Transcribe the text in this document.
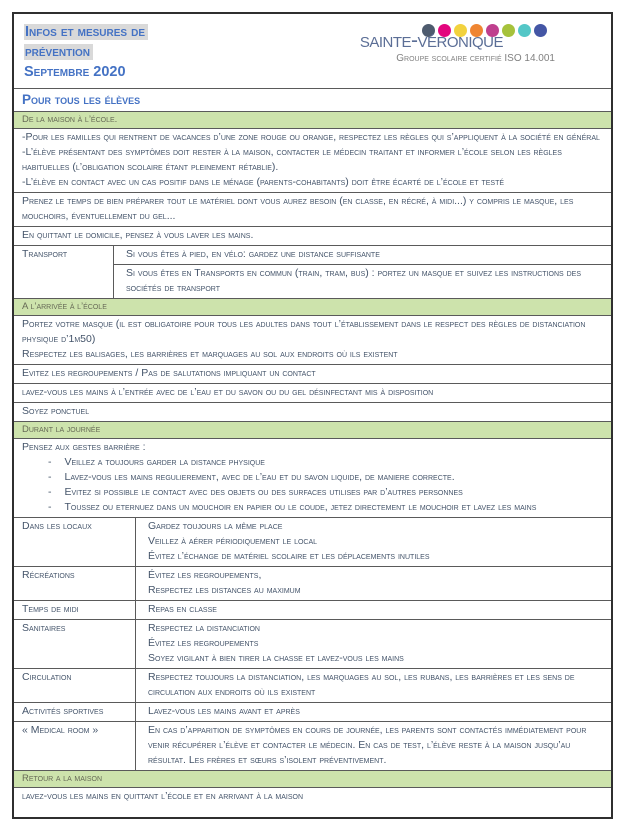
Infos et mesures de
prévention
Septembre 2020
sainte-véronique
Groupe scolaire certifié ISO 14.001
Pour tous les élèves
De la maison à l’école.

-Pour les familles qui rentrent de vacances d’une zone rouge ou orange, respectez les règles qui s’appliquent à la société en général

-L’élève présentant des symptômes doit rester à la maison, contacter le médecin traitant et informer l’école selon les règles habituelles (l’obligation scolaire étant pleinement rétablie).

-L’élève en contact avec un cas positif dans le ménage (parents-cohabitants) doit être écarté de l’école et testé

Prenez le temps de bien préparer tout le matériel dont vous aurez besoin (en classe, en récré, à midi...) y compris le masque, les mouchoirs, éventuellement du gel...

En quittant le domicile, pensez à vous laver les mains.

Transport	Si vous êtes à pied, en vélo: gardez une distance suffisante
Si vous êtes en Transports en commun (train, tram, bus) : portez un masque et suivez les instructions des sociétés de transport
A l’arrivée à l’école

Portez votre masque (il est obligatoire pour tous les adultes dans tout l’établissement dans le respect des règles de distanciation physique d’1m50)

Respectez les balisages, les barrières et marquages au sol aux endroits où ils existent

Evitez les regroupements / Pas de salutations impliquant un contact

lavez-vous les mains à l’entrée avec de l’eau et du savon ou du gel désinfectant mis à disposition

Soyez ponctuel

Durant la journée

Pensez aux gestes barrière :

- Veillez a toujours garder la distance physique
- Lavez-vous les mains regulierement, avec de l’eau et du savon liquide, de maniere correcte.
- Evitez si possible le contact avec des objets ou des surfaces utilises par d’autres personnes
- Toussez ou eternuez dans un mouchoir en papier ou le coude, jetez directement le mouchoir et lavez les mains
Dans les locaux	Gardez toujours la même place

Veillez à aérer périodiquement le local

Évitez l’échange de matériel scolaire et les déplacements inutiles

Récréations	Évitez les regroupements,

Respectez les distances au maximum

Temps de midi	Repas en classe

Sanitaires	Respectez la distanciation

Évitez les regroupements

Soyez vigilant à bien tirer la chasse et lavez-vous les mains

Circulation	Respectez toujours la distanciation, les marquages au sol, les rubans, les barrières et les sens de circulation aux endroits où ils existent

Activités sportives	Lavez-vous les mains avant et après

« Medical room »	En cas d’apparition de symptômes en cours de journée, les parents sont contactés immédiatement pour venir récupérer l’élève et contacter le médecin. En cas de test, l’élève reste à la maison jusqu’au résultat. Les frères et sœurs s’isolent préventivement.

Retour a la maison

lavez-vous les mains en quittant l’école et en arrivant à la maison
